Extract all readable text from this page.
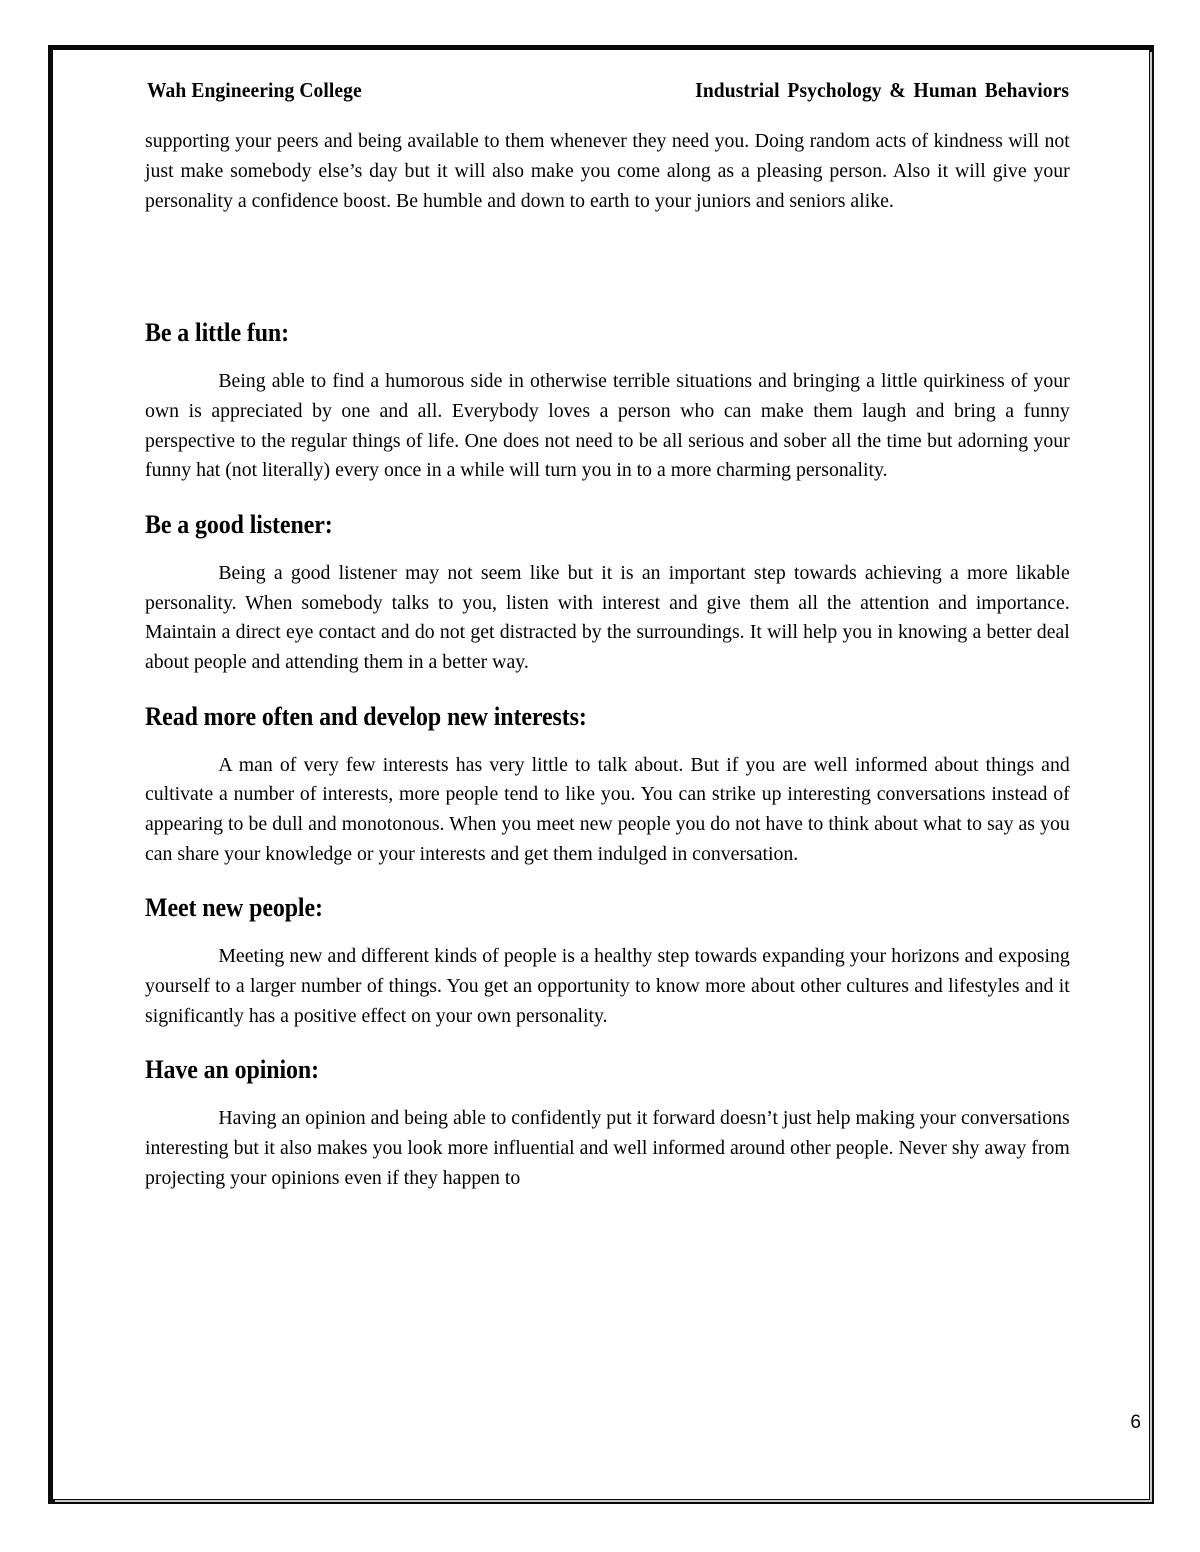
Wah Engineering College	Industrial Psychology & Human Behaviors

supporting your peers and being available to them whenever they need you. Doing random acts of kindness will not just make somebody else’s day but it will also make you come along as a pleasing person. Also it will give your personality a confidence boost. Be humble and down to earth to your juniors and seniors alike.

Be a little fun:

Being able to find a humorous side in otherwise terrible situations and bringing a little quirkiness of your own is appreciated by one and all. Everybody loves a person who can make them laugh and bring a funny perspective to the regular things of life. One does not need to be all serious and sober all the time but adorning your funny hat (not literally) every once in a while will turn you in to a more charming personality.

Be a good listener:

Being a good listener may not seem like but it is an important step towards achieving a more likable personality. When somebody talks to you, listen with interest and give them all the attention and importance. Maintain a direct eye contact and do not get distracted by the surroundings. It will help you in knowing a better deal about people and attending them in a better way.

Read more often and develop new interests:

A man of very few interests has very little to talk about. But if you are well informed about things and cultivate a number of interests, more people tend to like you. You can strike up interesting conversations instead of appearing to be dull and monotonous. When you meet new people you do not have to think about what to say as you can share your knowledge or your interests and get them indulged in conversation.

Meet new people:

Meeting new and different kinds of people is a healthy step towards expanding your horizons and exposing yourself to a larger number of things. You get an opportunity to know more about other cultures and lifestyles and it significantly has a positive effect on your own personality.

Have an opinion:

Having an opinion and being able to confidently put it forward doesn’t just help making your conversations interesting but it also makes you look more influential and well informed around other people. Never shy away from projecting your opinions even if they happen to

6
